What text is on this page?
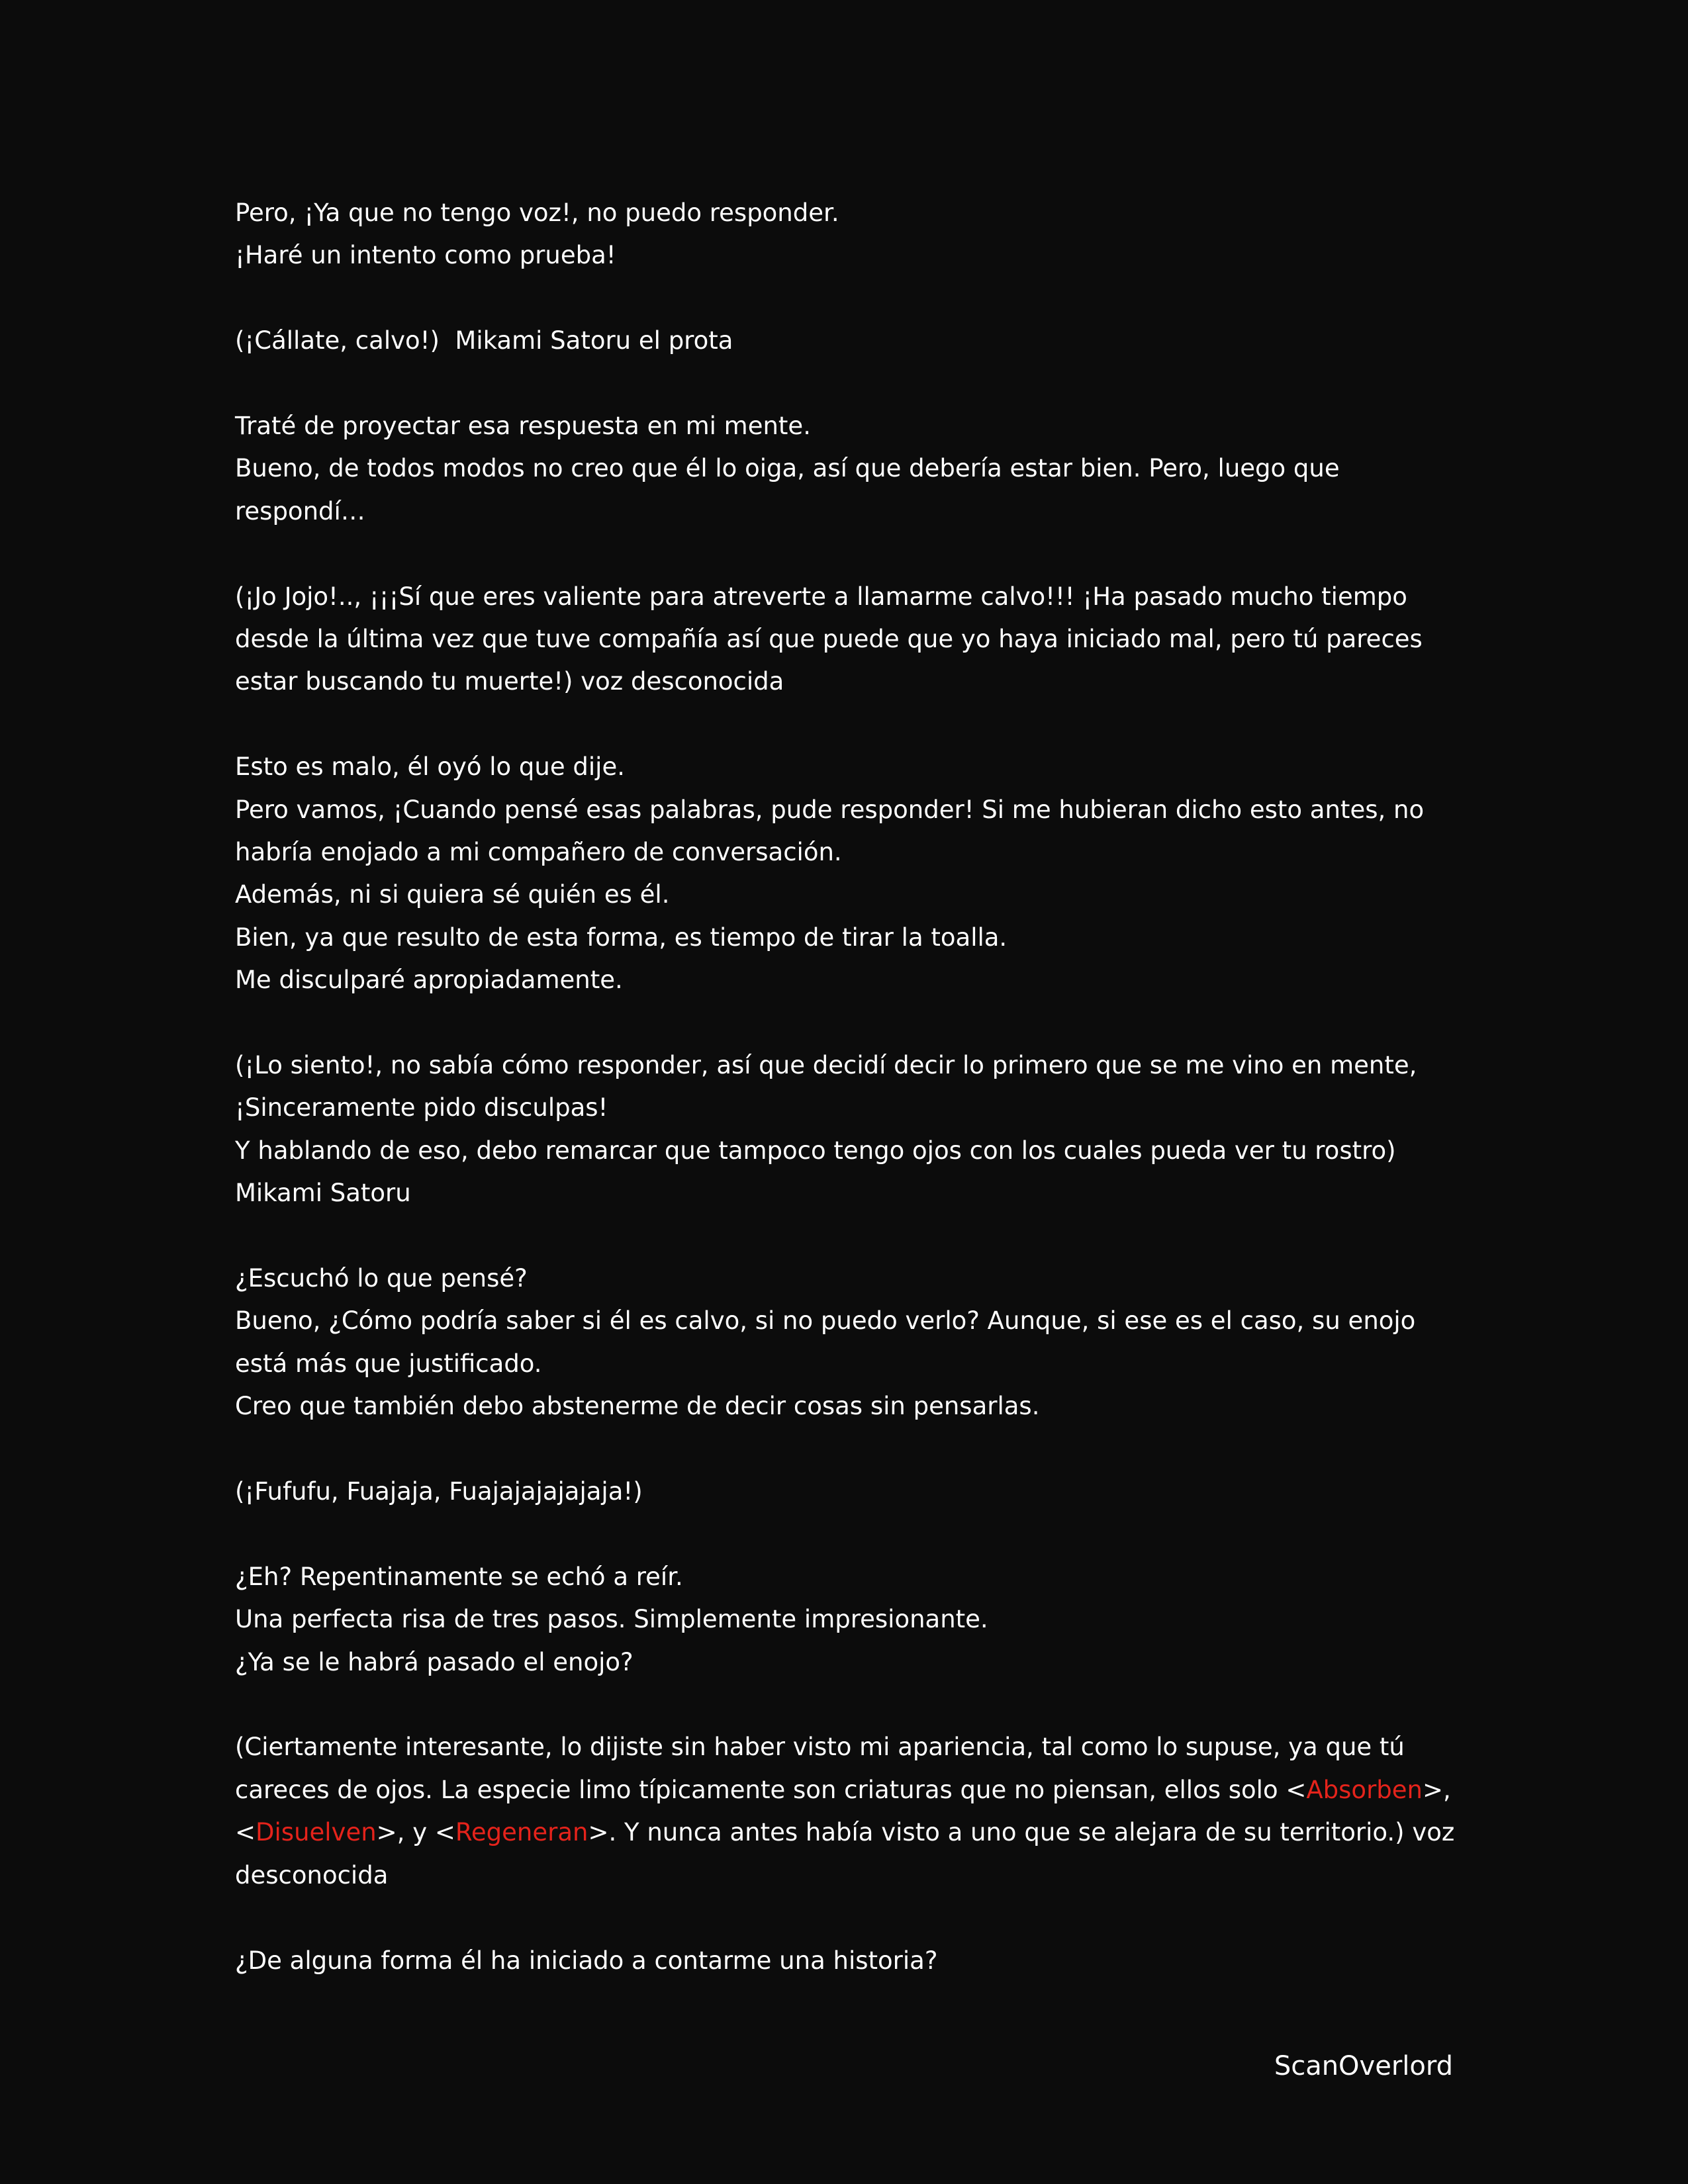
Pero, ¡Ya que no tengo voz!, no puedo responder.
¡Haré un intento como prueba!

(¡Cállate, calvo!)  Mikami Satoru el prota

Traté de proyectar esa respuesta en mi mente.
Bueno, de todos modos no creo que él lo oiga, así que debería estar bien. Pero, luego que
respondí…

(¡Jo Jojo!.., ¡¡¡Sí que eres valiente para atreverte a llamarme calvo!!! ¡Ha pasado mucho tiempo
desde la última vez que tuve compañía así que puede que yo haya iniciado mal, pero tú pareces
estar buscando tu muerte!) voz desconocida

Esto es malo, él oyó lo que dije.
Pero vamos, ¡Cuando pensé esas palabras, pude responder! Si me hubieran dicho esto antes, no
habría enojado a mi compañero de conversación.
Además, ni si quiera sé quién es él.
Bien, ya que resulto de esta forma, es tiempo de tirar la toalla.
Me disculparé apropiadamente.

(¡Lo siento!, no sabía cómo responder, así que decidí decir lo primero que se me vino en mente,
¡Sinceramente pido disculpas!
Y hablando de eso, debo remarcar que tampoco tengo ojos con los cuales pueda ver tu rostro)
Mikami Satoru

¿Escuchó lo que pensé?
Bueno, ¿Cómo podría saber si él es calvo, si no puedo verlo? Aunque, si ese es el caso, su enojo
está más que justificado.
Creo que también debo abstenerme de decir cosas sin pensarlas.

(¡Fufufu, Fuajaja, Fuajajajajajaja!)

¿Eh? Repentinamente se echó a reír.
Una perfecta risa de tres pasos. Simplemente impresionante.
¿Ya se le habrá pasado el enojo?

(Ciertamente interesante, lo dijiste sin haber visto mi apariencia, tal como lo supuse, ya que tú
careces de ojos. La especie limo típicamente son criaturas que no piensan, ellos solo <Absorben>,
<Disuelven>, y <Regeneran>. Y nunca antes había visto a uno que se alejara de su territorio.) voz
desconocida

¿De alguna forma él ha iniciado a contarme una historia?

ScanOverlord
